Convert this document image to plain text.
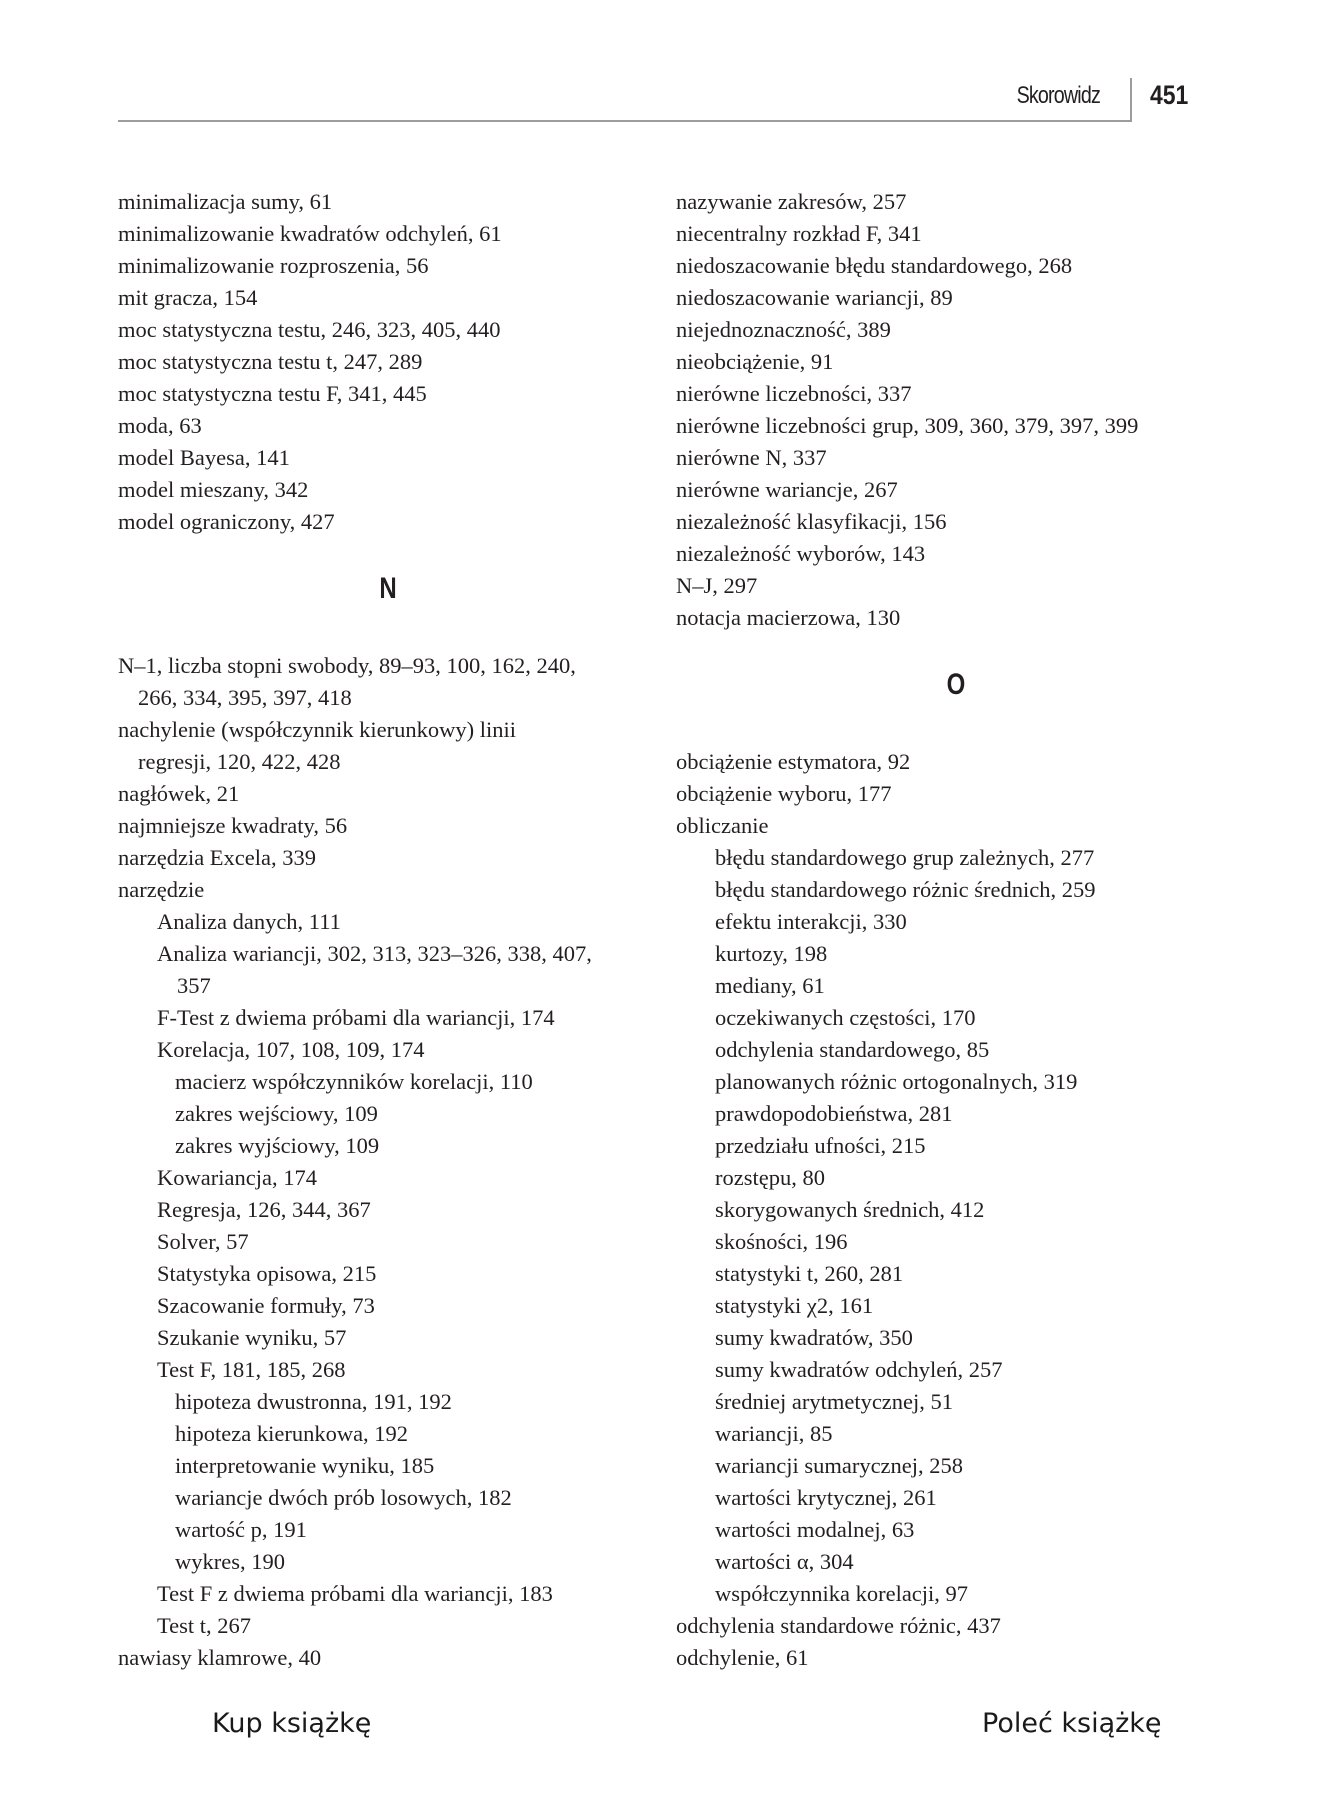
Skorowidz 451
minimalizacja sumy, 61
minimalizowanie kwadratów odchyleń, 61
minimalizowanie rozproszenia, 56
mit gracza, 154
moc statystyczna testu, 246, 323, 405, 440
moc statystyczna testu t, 247, 289
moc statystyczna testu F, 341, 445
moda, 63
model Bayesa, 141
model mieszany, 342
model ograniczony, 427
N
N–1, liczba stopni swobody, 89–93, 100, 162, 240,
266, 334, 395, 397, 418
nachylenie (współczynnik kierunkowy) linii
regresji, 120, 422, 428
nagłówek, 21
najmniejsze kwadraty, 56
narzędzia Excela, 339
narzędzie
Analiza danych, 111
Analiza wariancji, 302, 313, 323–326, 338, 407,
357
F-Test z dwiema próbami dla wariancji, 174
Korelacja, 107, 108, 109, 174
macierz współczynników korelacji, 110
zakres wejściowy, 109
zakres wyjściowy, 109
Kowariancja, 174
Regresja, 126, 344, 367
Solver, 57
Statystyka opisowa, 215
Szacowanie formuły, 73
Szukanie wyniku, 57
Test F, 181, 185, 268
hipoteza dwustronna, 191, 192
hipoteza kierunkowa, 192
interpretowanie wyniku, 185
wariancje dwóch prób losowych, 182
wartość p, 191
wykres, 190
Test F z dwiema próbami dla wariancji, 183
Test t, 267
nawiasy klamrowe, 40
nazywanie zakresów, 257
niecentralny rozkład F, 341
niedoszacowanie błędu standardowego, 268
niedoszacowanie wariancji, 89
niejednoznaczność, 389
nieobciążenie, 91
nierówne liczebności, 337
nierówne liczebności grup, 309, 360, 379, 397, 399
nierówne N, 337
nierówne wariancje, 267
niezależność klasyfikacji, 156
niezależność wyborów, 143
N–J, 297
notacja macierzowa, 130
O
obciążenie estymatora, 92
obciążenie wyboru, 177
obliczanie
błędu standardowego grup zależnych, 277
błędu standardowego różnic średnich, 259
efektu interakcji, 330
kurtozy, 198
mediany, 61
oczekiwanych częstości, 170
odchylenia standardowego, 85
planowanych różnic ortogonalnych, 319
prawdopodobieństwa, 281
przedziału ufności, 215
rozstępu, 80
skorygowanych średnich, 412
skośności, 196
statystyki t, 260, 281
statystyki χ2, 161
sumy kwadratów, 350
sumy kwadratów odchyleń, 257
średniej arytmetycznej, 51
wariancji, 85
wariancji sumarycznej, 258
wartości krytycznej, 261
wartości modalnej, 63
wartości α, 304
współczynnika korelacji, 97
odchylenia standardowe różnic, 437
odchylenie, 61
Kup książkę	Poleć książkę
